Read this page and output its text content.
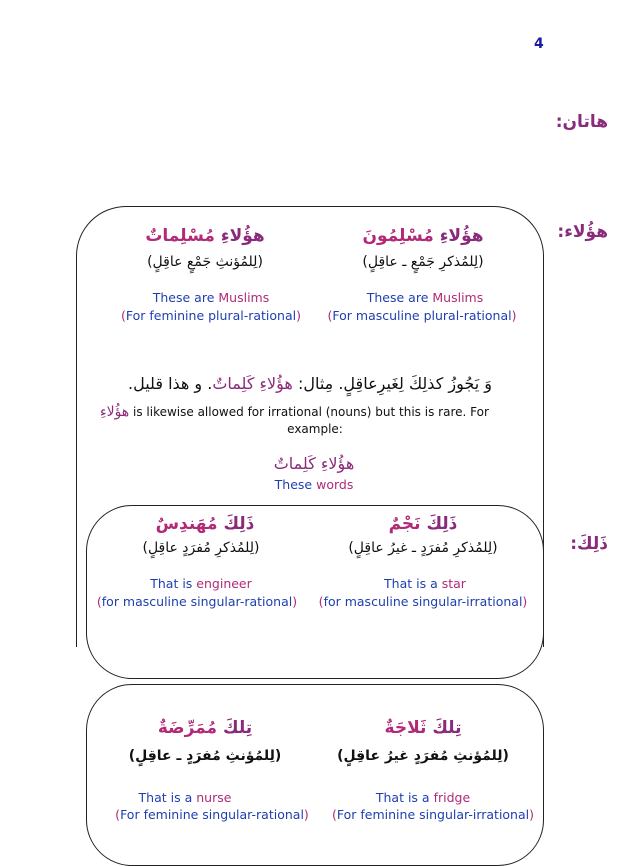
4
هاتان:
هؤُلاء:
ذَلِكَ:
هؤُلاءِ مُسْلِمُونَ
(لِلمُذكرِ جَمْعٍ ـ عاقِلٍ)
These are Muslims
(For masculine plural-rational)
هؤُلاءِ مُسْلِماتٌ
(لِلمُؤنثِ جَمْعٍ عاقِلٍ)
These are Muslims
(For feminine plural-rational)
وَ يَجُوزُ كذلِكَ لِغَيرِعاقِلٍ. مِثال: هؤُلاءِ كَلِماتٌ. و هذا قليل.
هؤُلاءِ is likewise allowed for irrational (nouns) but this is rare. For
example:
هؤُلاءِ كَلِماتٌ
These words
ذَلِكَ نَجْمٌ
(لِلمُذكرِ مُفرَدٍ ـ غيرُ عاقِلٍ)
That is a star
(for masculine singular-irrational)
ذَلِكَ مُهَندِسٌ
(لِلمُذكرِ مُفرَدٍ عاقِلٍ)
That is engineer
(for masculine singular-rational)
تِلكَ ثَلاجَةٌ
(لِلمُؤنثِ مُفرَدٍ غيرُ عاقِلٍ)
That is a fridge
(For feminine singular-irrational)
تِلكَ مُمَرِّضَةٌ
(لِلمُؤنثِ مُفرَدٍ ـ عاقِلٍ)
That is a nurse
(For feminine singular-rational)
